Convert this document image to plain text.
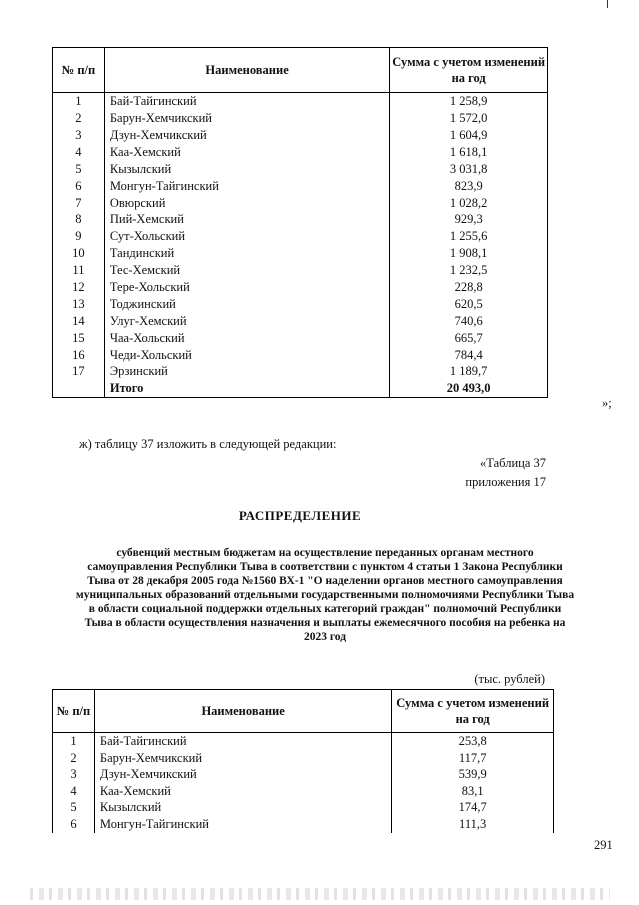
№ п/п	Наименование	Сумма с учетом изменений на год
1	Бай-Тайгинский	1 258,9
2	Барун-Хемчикский	1 572,0
3	Дзун-Хемчикский	1 604,9
4	Каа-Хемский	1 618,1
5	Кызылский	3 031,8
6	Монгун-Тайгинский	823,9
7	Овюрский	1 028,2
8	Пий-Хемский	929,3
9	Сут-Хольский	1 255,6
10	Тандинский	1 908,1
11	Тес-Хемский	1 232,5
12	Тере-Хольский	228,8
13	Тоджинский	620,5
14	Улуг-Хемский	740,6
15	Чаа-Хольский	665,7
16	Чеди-Хольский	784,4
17	Эрзинский	1 189,7
	Итого	20 493,0
»;
ж) таблицу 37 изложить в следующей редакции:
«Таблица 37
приложения 17
РАСПРЕДЕЛЕНИЕ
субвенций местным бюджетам на осуществление переданных органам местного самоуправления Республики Тыва в соответствии с пунктом 4 статьи 1 Закона Республики Тыва от 28 декабря 2005 года №1560 ВХ-1 "О наделении органов местного самоуправления муниципальных образований отдельными государственными полномочиями Республики Тыва в области социальной поддержки отдельных категорий граждан" полномочий Республики Тыва в области осуществления назначения и выплаты ежемесячного пособия на ребенка на 2023 год
(тыс. рублей)
№ п/п	Наименование	Сумма с учетом изменений на год
1	Бай-Тайгинский	253,8
2	Барун-Хемчикский	117,7
3	Дзун-Хемчикский	539,9
4	Каа-Хемский	83,1
5	Кызылский	174,7
6	Монгун-Тайгинский	111,3
291
